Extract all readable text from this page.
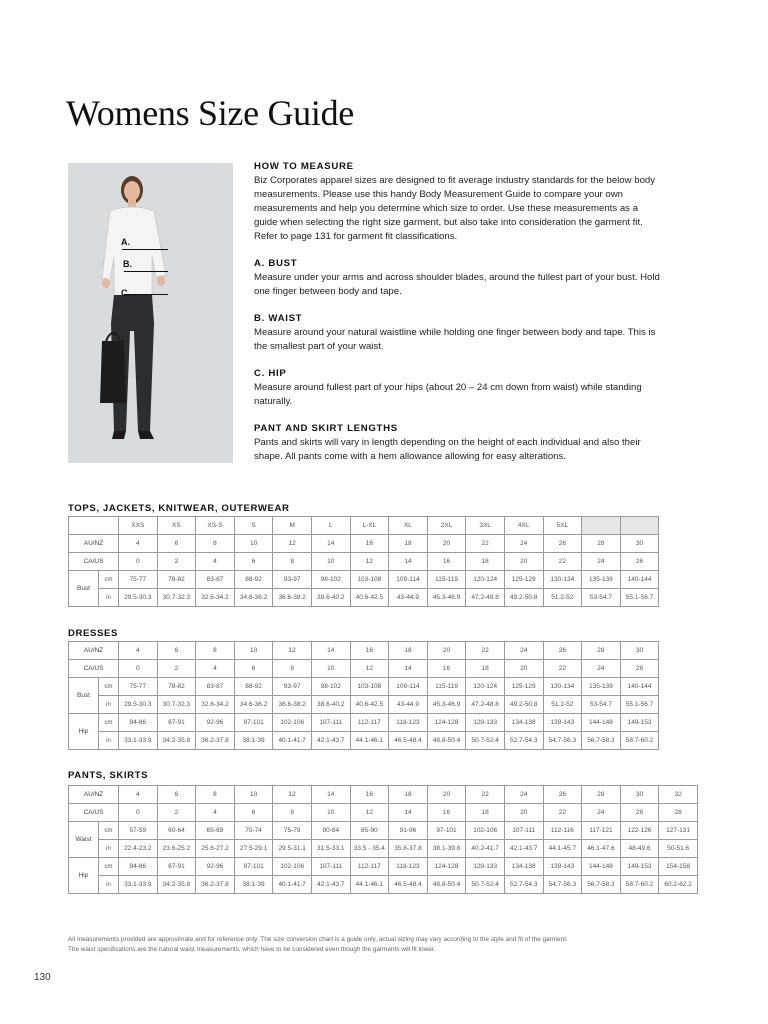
Womens Size Guide
A.
B.
C.
HOW TO MEASURE

Biz Corporates apparel sizes are designed to fit average industry standards for the below body measurements. Please use this handy Body Measurement Guide to compare your own measurements and help you determine which size to order. Use these measurements as a guide when selecting the right size garment, but also take into consideration the garment fit. Refer to page 131 for garment fit classifications.

A. BUST

Measure under your arms and across shoulder blades, around the fullest part of your bust. Hold one finger between body and tape.

B. WAIST

Measure around your natural waistline while holding one finger between body and tape. This is the smallest part of your waist.

C. HIP

Measure around fullest part of your hips (about 20 – 24 cm down from waist) while standing naturally.

PANT AND SKIRT LENGTHS

Pants and skirts will vary in length depending on the height of each individual and also their shape. All pants come with a hem allowance allowing for easy alterations.

TOPS, JACKETS, KNITWEAR, OUTERWEAR
		XXS	XS	XS-S	S	M	L	L-XL	XL	2XL	3XL	4XL	5XL		
AU/NZ		4	6	8	10	12	14	16	18	20	22	24	26	28	30
CA/US		0	2	4	6	8	10	12	14	16	18	20	22	24	26
Bust	cm	75-77	78-82	83-87	88-92	93-97	98-102	103-108	109-114	115-119	120-124	125-129	130-134	135-139	140-144
	in	29.5-30.3	30.7-32.3	32.6-34.2	34.6-36.2	36.6-38.2	38.6-40.2	40.6-42.5	43-44.9	45.3-46.9	47.2-48.8	49.2-50.8	51.2-52	53-54.7	55.1-56.7
DRESSES
AU/NZ		4	6	8	10	12	14	16	18	20	22	24	26	28	30
CA/US		0	2	4	6	8	10	12	14	16	18	20	22	24	26
Bust	cm	75-77	78-82	83-87	88-92	93-97	98-102	103-108	109-114	115-119	120-124	125-129	130-134	135-139	140-144
	in	29.5-30.3	30.7-32.3	32.6-34.2	34.6-36.2	36.6-38.2	38.6-40.2	40.6-42.5	43-44.9	45.3-46.9	47.2-48.8	49.2-50.8	51.2-52	53-54.7	55.1-56.7
Hip	cm	84-86	87-91	92-96	97-101	102-106	107-111	112-117	118-123	124-128	129-133	134-138	139-143	144-148	149-153
	in	33.1-33.9	34.2-35.8	36.2-37.8	38.1-39	40.1-41.7	42.1-43.7	44.1-46.1	46.5-48.4	48.8-50.4	50.7-52.4	52.7-54.3	54.7-56.3	56.7-58.3	58.7-60.2
PANTS, SKIRTS
AU/NZ		4	6	8	10	12	14	16	18	20	22	24	26	28	30	32
CA/US		0	2	4	6	8	10	12	14	16	18	20	22	24	26	28
Waist	cm	57-59	60-64	65-69	70-74	75-79	80-84	85-90	91-96	97-101	102-106	107-111	112-116	117-121	122-126	127-131
	in	22.4-23.2	23.6-25.2	25.6-27.2	27.5-29.1	29.5-31.1	31.5-33.1	33.5 - 35.4	35.8-37.8	38.1-39.8	40.2-41.7	42.1-43.7	44.1-45.7	46.1-47.6	48-49.6	50-51.6
Hip	cm	84-86	87-91	92-96	97-101	102-106	107-111	112-117	118-123	124-128	129-133	134-138	139-143	144-148	149-153	154-158
	in	33.1-33.9	34.2-35.8	36.2-37.8	38.1-39	40.1-41.7	42.1-43.7	44.1-46.1	46.5-48.4	48.8-50.4	50.7-52.4	52.7-54.3	54.7-56.3	56.7-58.3	58.7-60.2	60.2-62.2
All measurements provided are approximate and for reference only. The size conversion chart is a guide only, actual sizing may vary according to the style and fit of the garment.
The waist specifications are the natural waist measurements, which have to be considered even though the garments will fit lower.
130
